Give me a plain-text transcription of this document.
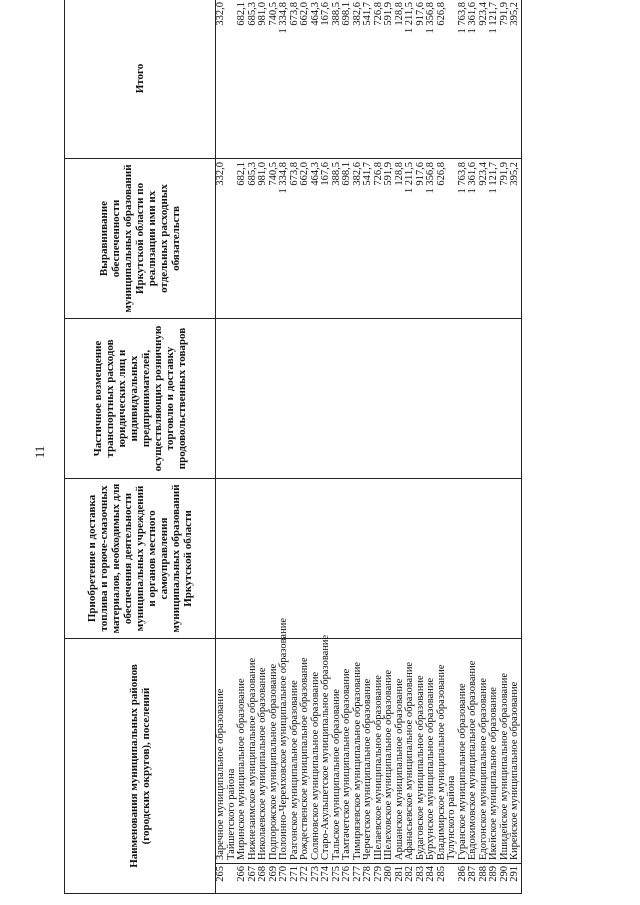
11
Наименования муниципальных районов (городских округов), поселений		Приобретение и доставка топлива и горюче-смазочных материалов, необходимых для обеспечения деятельности муниципальных учреждений и органов местного самоуправления муниципальных образований Иркутской области	Частичное возмещение транспортных расходов юридических лиц и индивидуальных предпринимателей, осуществляющих розничную торговлю и доставку продовольственных товаров	Выравнивание обеспеченности муниципальных образований Иркутской области по реализации ими их отдельных расходных обязательств	Итого
265	Заречное муниципальное образование Тайшетского района			332,0	332,0
266	Миринское муниципальное образование			682,1	682,1
267	Нижнезаимское муниципальное образование			685,3	685,3
268	Николаевское муниципальное образование			981,0	981,0
269	Подпорожское муниципальное образование			740,5	740,5
270	Полоинно-Черемховское муниципальное образование			1 334,8	1 334,8
271	Разгонское муниципальное образование			673,8	673,8
272	Рождественское муниципальное образование			662,0	662,0
273	Соляновское муниципальное образование			464,3	464,3
274	Старо-Акульшетское муниципальное образование			167,6	167,6
275	Тальское муниципальное образование			388,5	388,5
276	Тамтачетское муниципальное образование			698,1	698,1
277	Тимирязевское муниципальное образование			382,6	382,6
278	Черчетское муниципальное образование			541,7	541,7
279	Шелаевское муниципальное образование			726,8	726,8
280	Шелеховское муниципальное образование			591,9	591,9
281	Аршанское муниципальное образование			128,8	128,8
282	Афанасьевское муниципальное образование			1 211,5	1 211,5
283	Будаговское муниципальное образование			917,6	917,6
284	Бурхунское муниципальное образование			1 356,8	1 356,8
285	Владимирское муниципальное образование Тулунского района			626,8	626,8
286	Гуранское муниципальное образование			1 763,8	1 763,8
287	Евдокимовское муниципальное образование			1 361,6	1 361,6
288	Едогонское муниципальное образование			923,4	923,4
289	Икейское муниципальное образование			1 121,7	1 121,7
290	Ишидейское муниципальное образование			791,9	791,9
291	Кирейское муниципальное образование			395,2	395,2
